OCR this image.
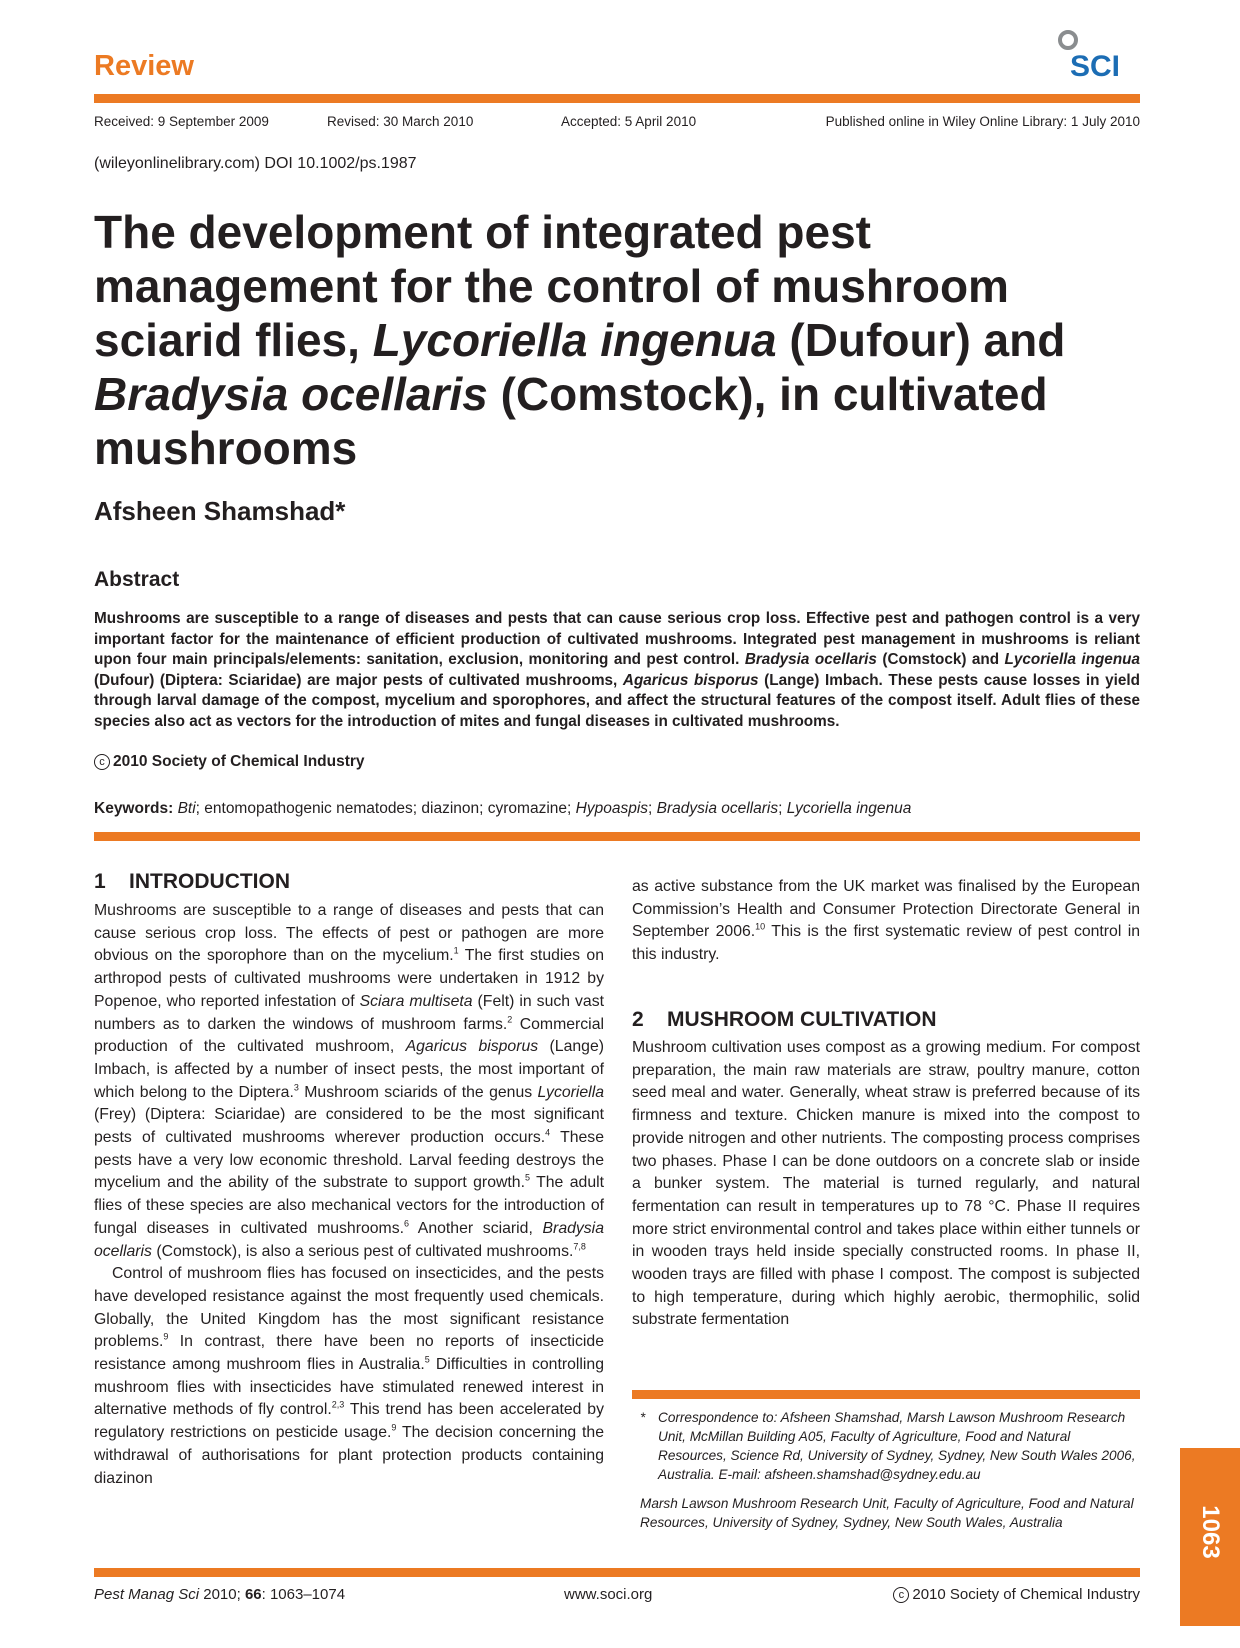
Review	SCI
Received: 9 September 2009	Revised: 30 March 2010	Accepted: 5 April 2010	Published online in Wiley Online Library: 1 July 2010
(wileyonlinelibrary.com) DOI 10.1002/ps.1987
The development of integrated pest management for the control of mushroom sciarid flies, Lycoriella ingenua (Dufour) and Bradysia ocellaris (Comstock), in cultivated mushrooms
Afsheen Shamshad*
Abstract

Mushrooms are susceptible to a range of diseases and pests that can cause serious crop loss. Effective pest and pathogen control is a very important factor for the maintenance of efficient production of cultivated mushrooms. Integrated pest management in mushrooms is reliant upon four main principals/elements: sanitation, exclusion, monitoring and pest control. Bradysia ocellaris (Comstock) and Lycoriella ingenua (Dufour) (Diptera: Sciaridae) are major pests of cultivated mushrooms, Agaricus bisporus (Lange) Imbach. These pests cause losses in yield through larval damage of the compost, mycelium and sporophores, and affect the structural features of the compost itself. Adult flies of these species also act as vectors for the introduction of mites and fungal diseases in cultivated mushrooms.

c 2010 Society of Chemical Industry
Keywords: Bti; entomopathogenic nematodes; diazinon; cyromazine; Hypoaspis; Bradysia ocellaris; Lycoriella ingenua
1 INTRODUCTION

Mushrooms are susceptible to a range of diseases and pests that can cause serious crop loss. The effects of pest or pathogen are more obvious on the sporophore than on the mycelium.$^1$ The first studies on arthropod pests of cultivated mushrooms were undertaken in 1912 by Popenoe, who reported infestation of Sciara multiseta (Felt) in such vast numbers as to darken the windows of mushroom farms.$^2$ Commercial production of the cultivated mushroom, Agaricus bisporus (Lange) Imbach, is affected by a number of insect pests, the most important of which belong to the Diptera.$^3$ Mushroom sciarids of the genus Lycoriella (Frey) (Diptera: Sciaridae) are considered to be the most significant pests of cultivated mushrooms wherever production occurs.$^4$ These pests have a very low economic threshold. Larval feeding destroys the mycelium and the ability of the substrate to support growth.$^5$ The adult flies of these species are also mechanical vectors for the introduction of fungal diseases in cultivated mushrooms.$^6$ Another sciarid, Bradysia ocellaris (Comstock), is also a serious pest of cultivated mushrooms.$^{7,8}$

Control of mushroom flies has focused on insecticides, and the pests have developed resistance against the most frequently used chemicals. Globally, the United Kingdom has the most significant resistance problems.$^9$ In contrast, there have been no reports of insecticide resistance among mushroom flies in Australia.$^5$ Difficulties in controlling mushroom flies with insecticides have stimulated renewed interest in alternative methods of fly control.$^{2,3}$ This trend has been accelerated by regulatory restrictions on pesticide usage.$^9$ The decision concerning the withdrawal of authorisations for plant protection products containing diazinon

as active substance from the UK market was finalised by the European Commission’s Health and Consumer Protection Directorate General in September 2006.10 This is the first systematic review of pest control in this industry.

2 MUSHROOM CULTIVATION

Mushroom cultivation uses compost as a growing medium. For compost preparation, the main raw materials are straw, poultry manure, cotton seed meal and water. Generally, wheat straw is preferred because of its firmness and texture. Chicken manure is mixed into the compost to provide nitrogen and other nutrients. The composting process comprises two phases. Phase I can be done outdoors on a concrete slab or inside a bunker system. The material is turned regularly, and natural fermentation can result in temperatures up to 78 °C. Phase II requires more strict environmental control and takes place within either tunnels or in wooden trays held inside specially constructed rooms. In phase II, wooden trays are filled with phase I compost. The compost is subjected to high temperature, during which highly aerobic, thermophilic, solid substrate fermentation

* Correspondence to: Afsheen Shamshad, Marsh Lawson Mushroom Research Unit, McMillan Building A05, Faculty of Agriculture, Food and Natural Resources, Science Rd, University of Sydney, Sydney, New South Wales 2006, Australia. E-mail: afsheen.shamshad@sydney.edu.au

Marsh Lawson Mushroom Research Unit, Faculty of Agriculture, Food and Natural Resources, University of Sydney, Sydney, New South Wales, Australia

Pest Manag Sci 2010; 66: 1063–1074	www.soci.org	c 2010 Society of Chemical Industry
1063
